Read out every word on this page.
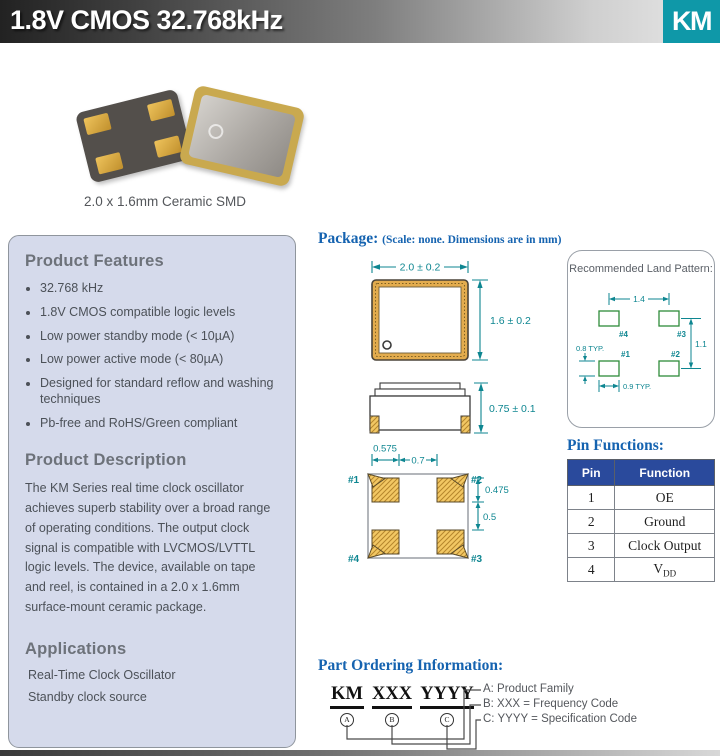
1.8V CMOS 32.768kHz	KM
2.0 x 1.6mm Ceramic SMD
Product Features
• 32.768 kHz
• 1.8V CMOS compatible logic levels
• Low power standby mode (< 10µA)
• Low power active mode (< 80µA)
• Designed for standard reflow and washing techniques
• Pb-free and RoHS/Green compliant
Product Description

The KM Series real time clock oscillator achieves superb stability over a broad range of operating conditions. The output clock signal is compatible with LVCMOS/LVTTL logic levels. The device, available on tape and reel, is contained in a 2.0 x 1.6mm surface-mount ceramic package.

Applications
Real-Time Clock Oscillator
Standby clock source
Package: (Scale: none. Dimensions are in mm)
2.0 ± 0.2
1.6 ± 0.2
0.75 ± 0.1
0.575
0.7
0.475
0.5
#1	#2
#3
#4
Recommended Land Pattern:
1.4
1.1
0.8 TYP.
0.9 TYP.
#4	#3
#1	#2
Pin Functions:
Pin	Function
1	OE
2	Ground
3	Clock Output
4	$V_{DD}$
Part Ordering Information:
KM
A
XXX
B
YYYY
C
A: Product Family
B: XXX = Frequency Code
C: YYYY = Specification Code
